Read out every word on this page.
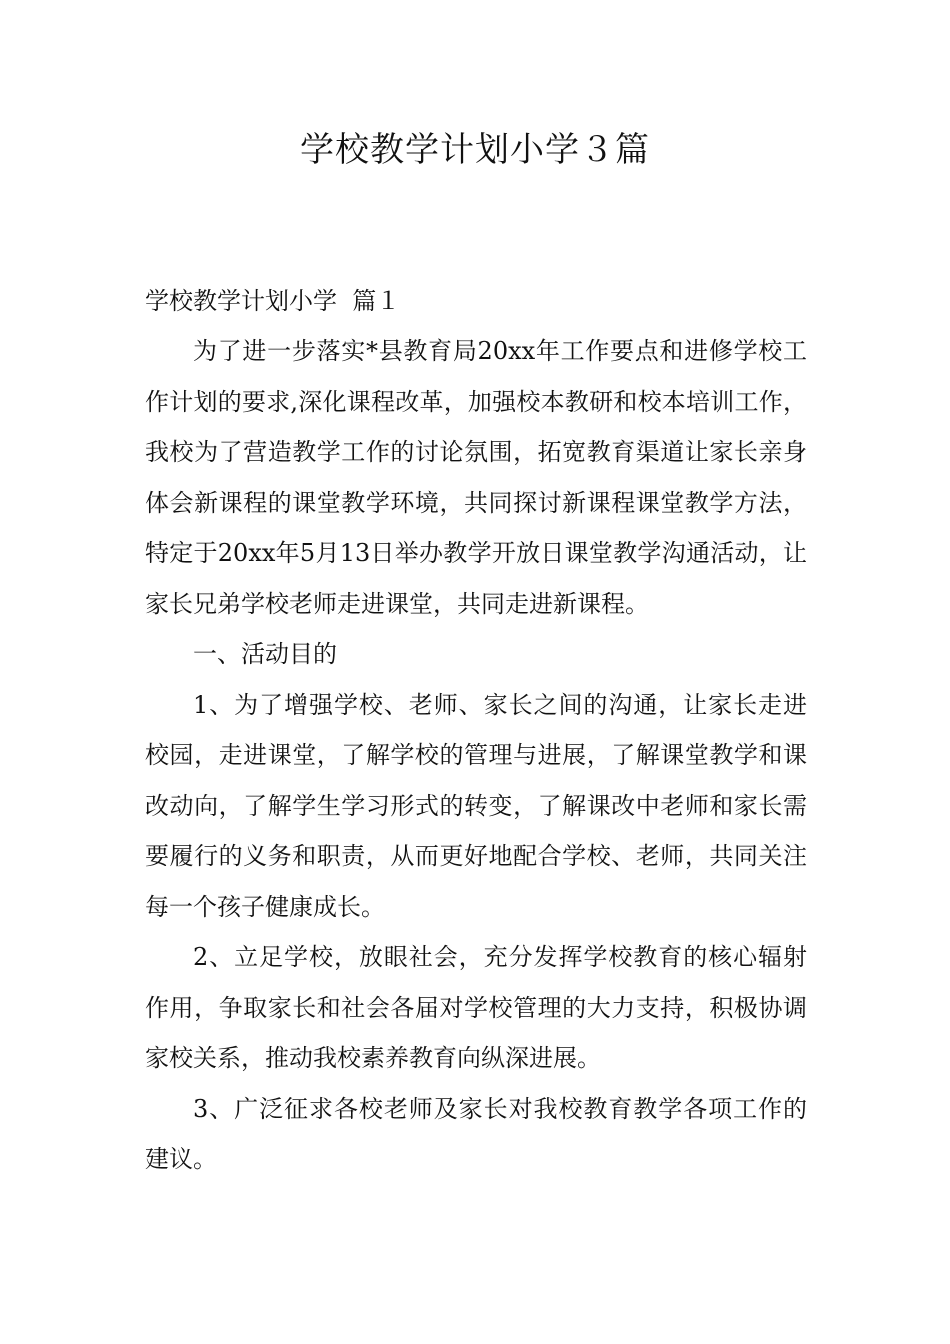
学校教学计划小学３篇

学校教学计划小学  篇１

为了进一步落实*县教育局20xx年工作要点和进修学校工作计划的要求,深化课程改革，加强校本教研和校本培训工作，我校为了营造教学工作的讨论氛围，拓宽教育渠道让家长亲身体会新课程的课堂教学环境，共同探讨新课程课堂教学方法，特定于20xx年5月13日举办教学开放日课堂教学沟通活动，让家长兄弟学校老师走进课堂，共同走进新课程。

一、活动目的

1、为了增强学校、老师、家长之间的沟通，让家长走进校园，走进课堂，了解学校的管理与进展，了解课堂教学和课改动向，了解学生学习形式的转变，了解课改中老师和家长需要履行的义务和职责，从而更好地配合学校、老师，共同关注每一个孩子健康成长。

2、立足学校，放眼社会，充分发挥学校教育的核心辐射作用，争取家长和社会各届对学校管理的大力支持，积极协调家校关系，推动我校素养教育向纵深进展。

3、广泛征求各校老师及家长对我校教育教学各项工作的建议。
